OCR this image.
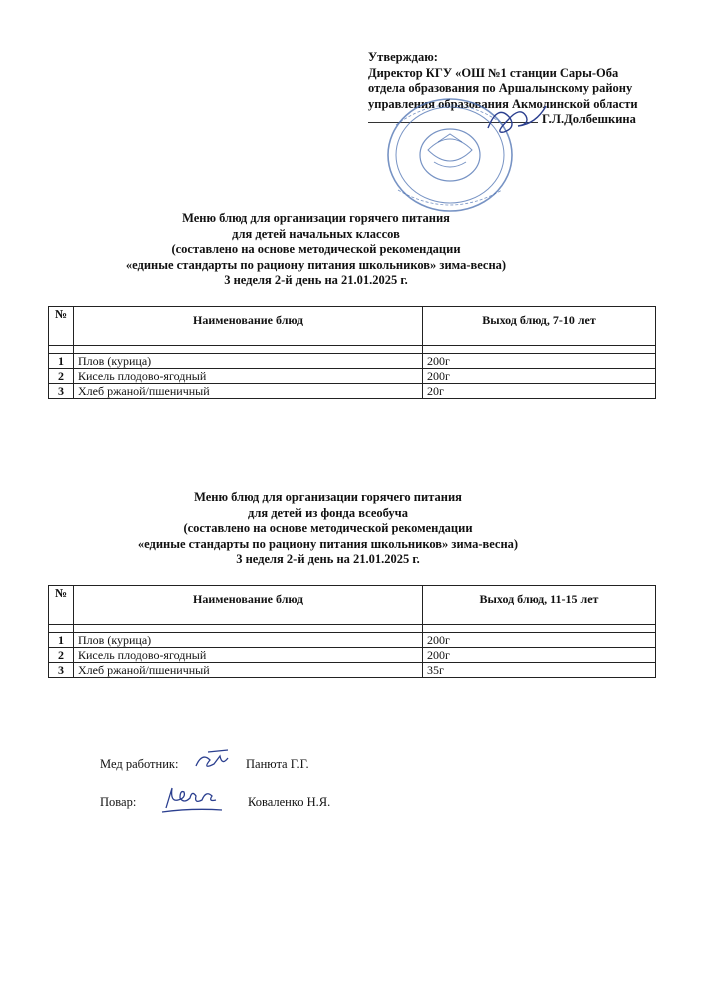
Утверждаю:
Директор КГУ «ОШ №1 станции Сары-Оба
отдела образования по Аршалынскому району
управления образования Акмолинской области
Г.Л.Долбешкина
Меню блюд для организации горячего питания
для детей начальных классов
(составлено на основе методической рекомендации
«единые стандарты по рациону питания школьников» зима-весна)
3 неделя 2-й день на 21.01.2025 г.
№	Наименование блюд	Выход блюд, 7-10 лет

1	Плов (курица)	200г
2	Кисель плодово-ягодный	200г
3	Хлеб ржаной/пшеничный	20г
Меню блюд для организации горячего питания
для детей из фонда всеобуча
(составлено на основе методической рекомендации
«единые стандарты по рациону питания школьников» зима-весна)
3 неделя 2-й день на 21.01.2025 г.
№	Наименование блюд	Выход блюд, 11-15 лет

1	Плов (курица)	200г
2	Кисель плодово-ягодный	200г
3	Хлеб ржаной/пшеничный	35г
Мед работник:	Панюта Г.Г.
Повар:	Коваленко Н.Я.
